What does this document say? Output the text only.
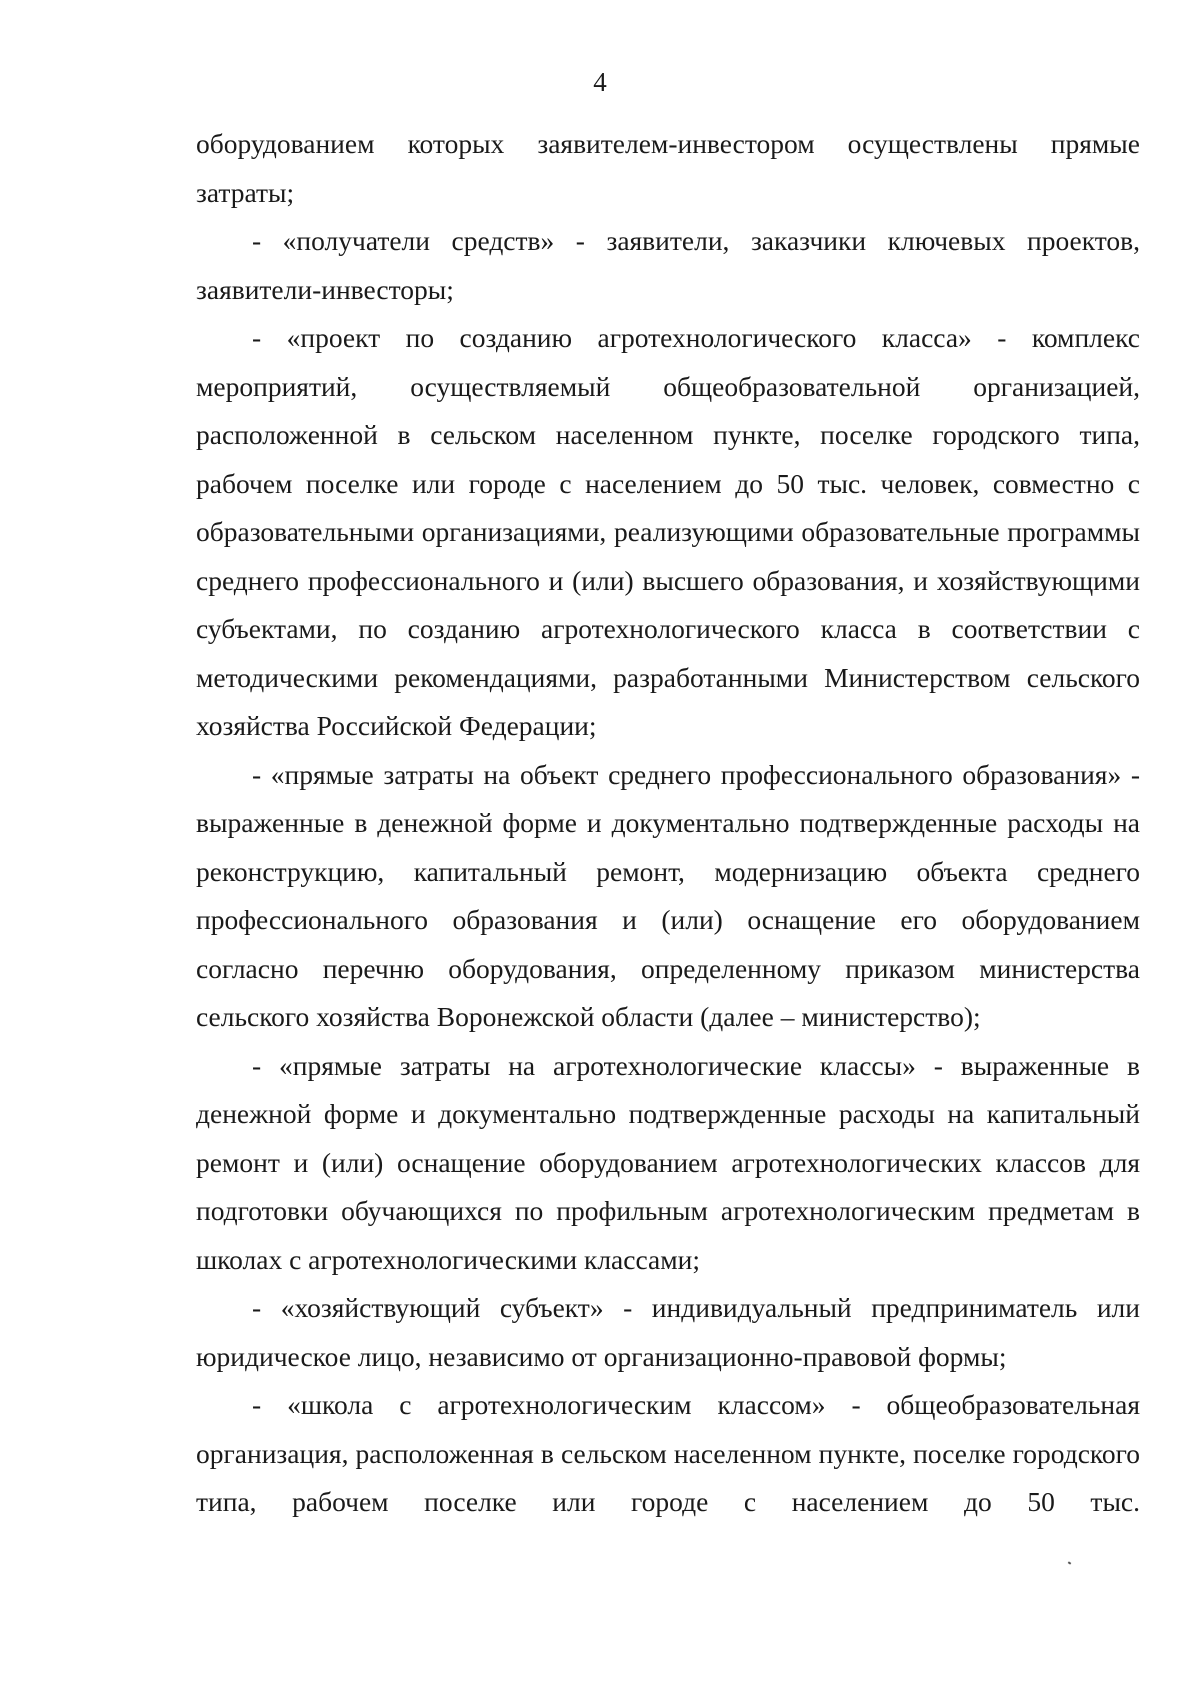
4

оборудованием которых заявителем-инвестором осуществлены прямые затраты;

- «получатели средств» - заявители, заказчики ключевых проектов, заявители-инвесторы;

- «проект по созданию агротехнологического класса» - комплекс мероприятий, осуществляемый общеобразовательной организацией, расположенной в сельском населенном пункте, поселке городского типа, рабочем поселке или городе с населением до 50 тыс. человек, совместно с образовательными организациями, реализующими образовательные программы среднего профессионального и (или) высшего образования, и хозяйствующими субъектами, по созданию агротехнологического класса в соответствии с методическими рекомендациями, разработанными Министерством сельского хозяйства Российской Федерации;

- «прямые затраты на объект среднего профессионального образования» - выраженные в денежной форме и документально подтвержденные расходы на реконструкцию, капитальный ремонт, модернизацию объекта среднего профессионального образования и (или) оснащение его оборудованием согласно перечню оборудования, определенному приказом министерства сельского хозяйства Воронежской области (далее – министерство);

- «прямые затраты на агротехнологические классы» - выраженные в денежной форме и документально подтвержденные расходы на капитальный ремонт и (или) оснащение оборудованием агротехнологических классов для подготовки обучающихся по профильным агротехнологическим предметам в школах с агротехнологическими классами;

- «хозяйствующий субъект» - индивидуальный предприниматель или юридическое лицо, независимо от организационно-правовой формы;

- «школа с агротехнологическим классом» - общеобразовательная организация, расположенная в сельском населенном пункте, поселке городского типа, рабочем поселке или городе с населением до 50 тыс.
